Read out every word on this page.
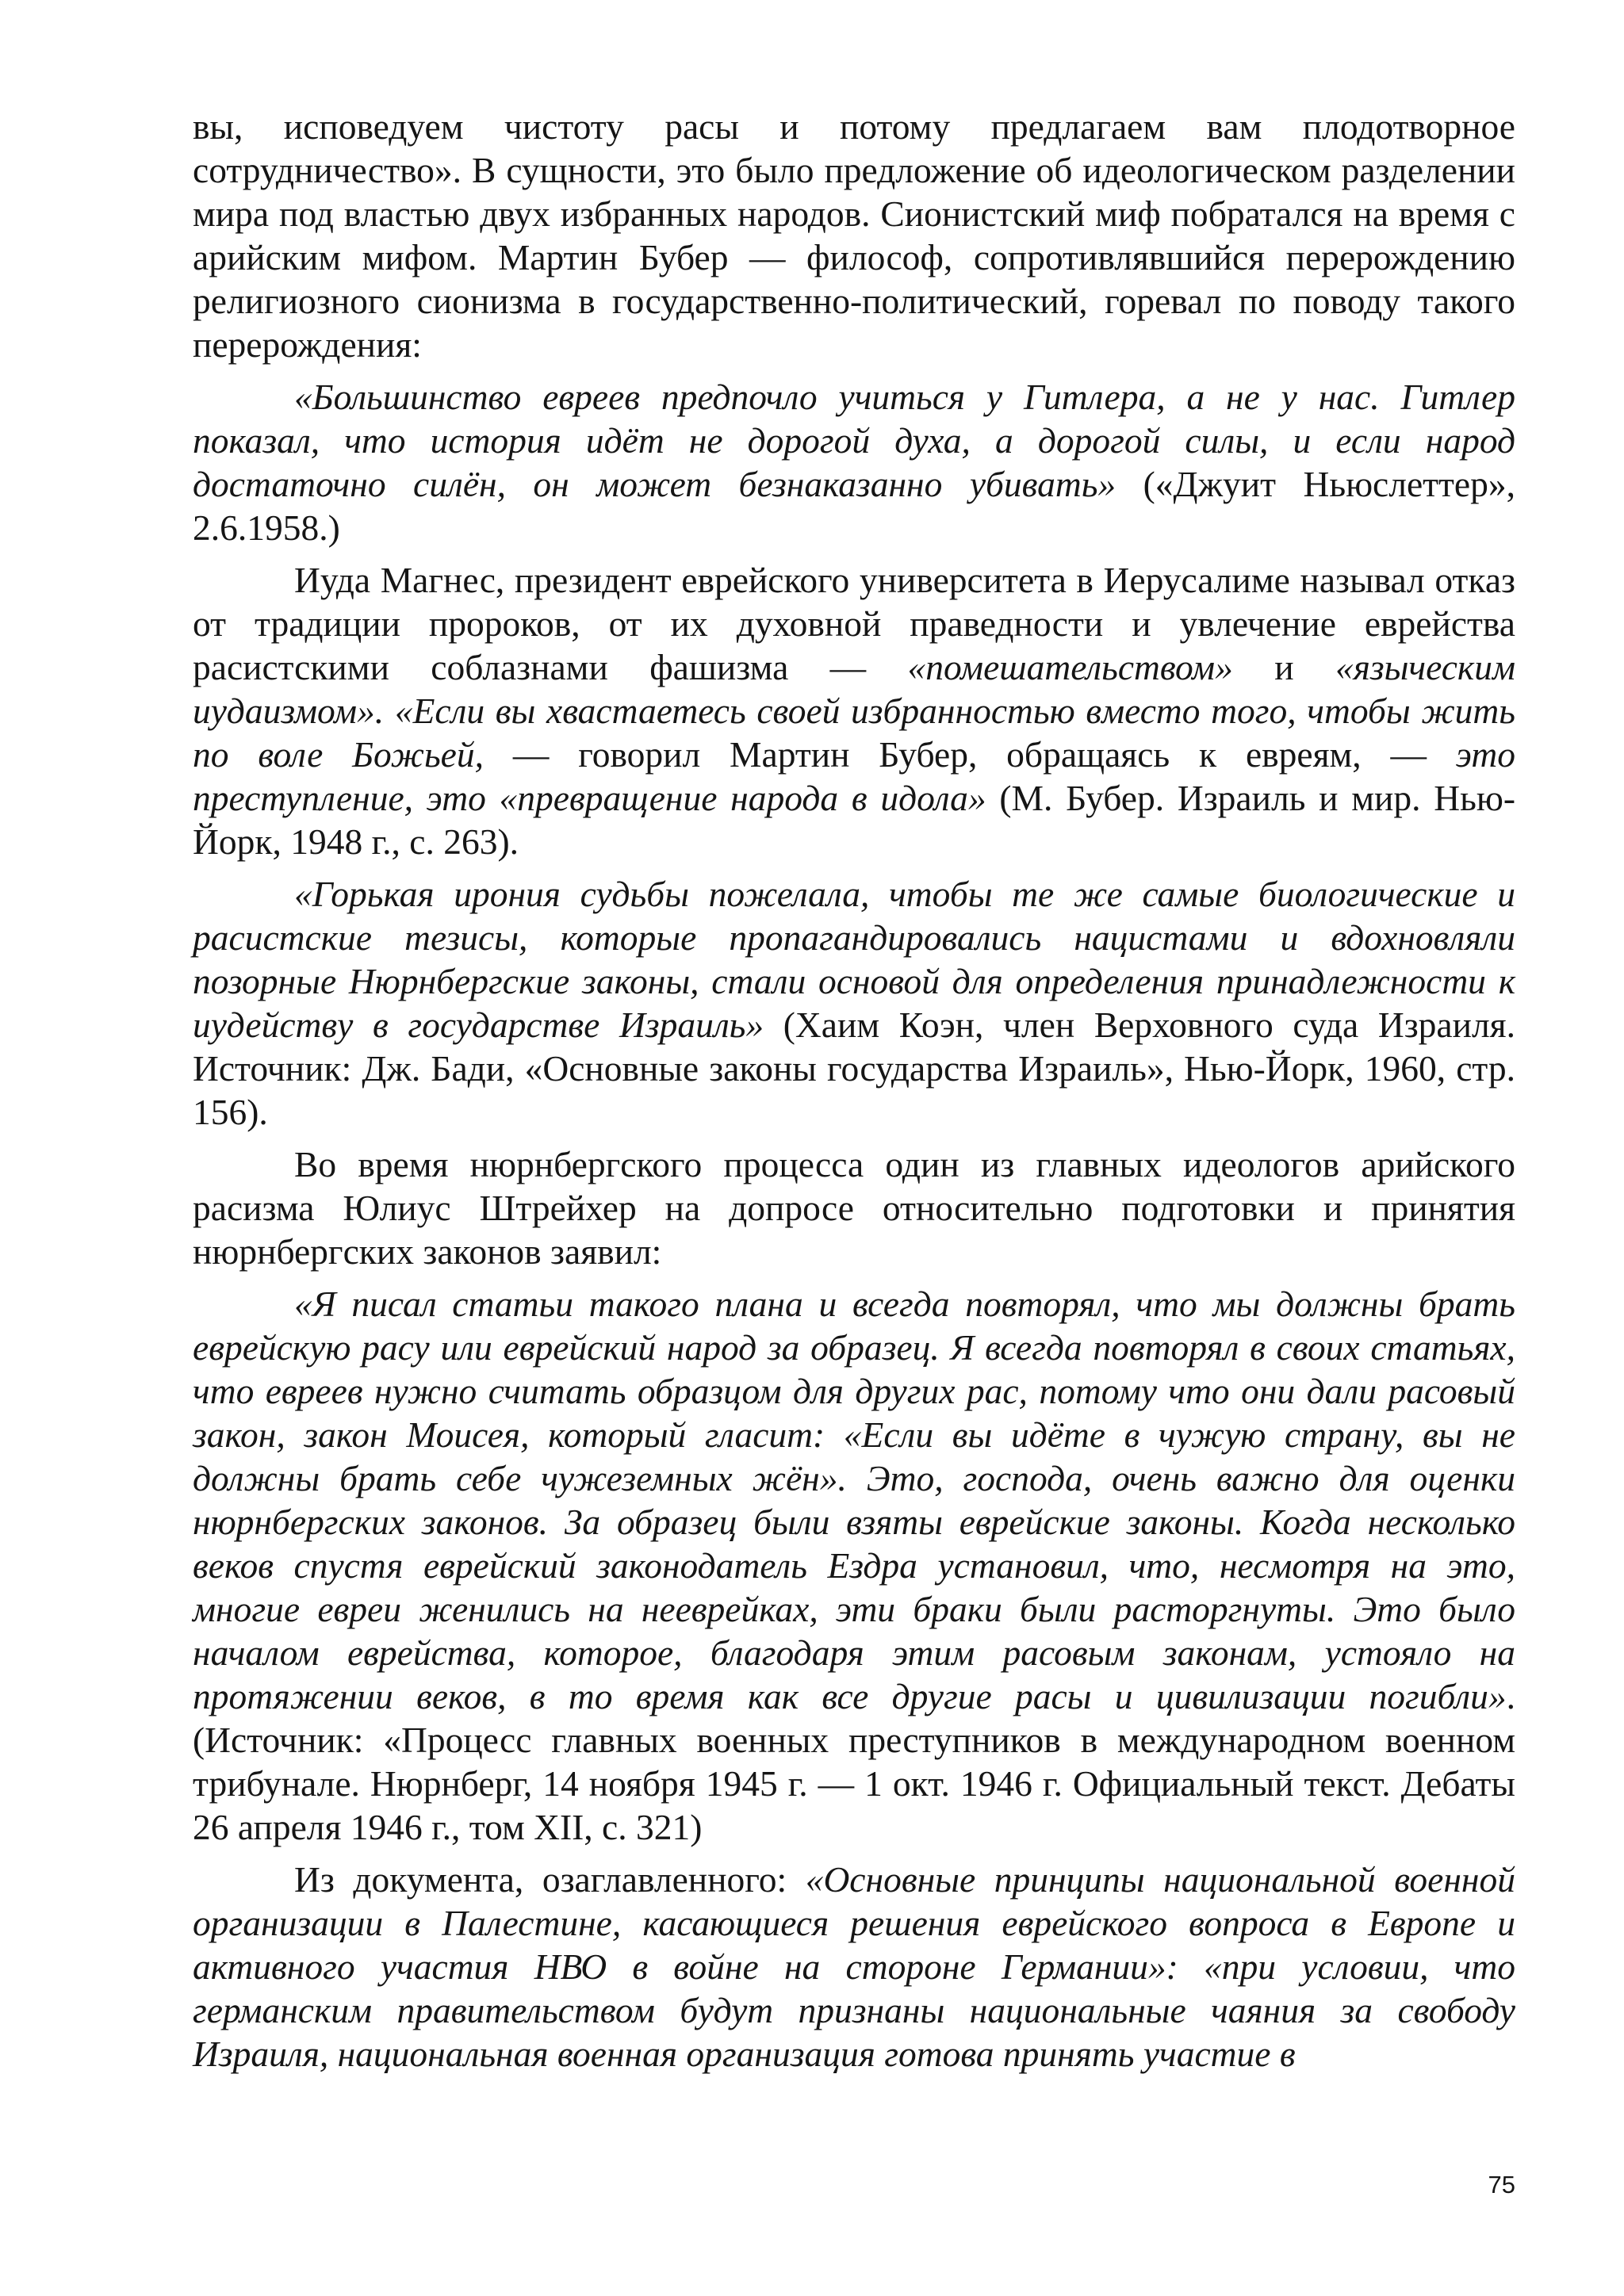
вы, исповедуем чистоту расы и потому предлагаем вам плодотворное сотрудничество». В сущности, это было предложение об идеологическом разделении мира под властью двух избранных народов. Сионистский миф побратался на время с арийским мифом. Мартин Бубер — философ, сопротивлявшийся перерождению религиозного сионизма в государственно-политический, горевал по поводу такого перерождения:

«Большинство евреев предпочло учиться у Гитлера, а не у нас. Гитлер показал, что история идёт не дорогой духа, а дорогой силы, и если народ достаточно силён, он может безнаказанно убивать» («Джуит Ньюслеттер», 2.6.1958.)

Иуда Магнес, президент еврейского университета в Иерусалиме называл отказ от традиции пророков, от их духовной праведности и увлечение еврейства расистскими соблазнами фашизма — «помешательством» и «языческим иудаизмом». «Если вы хвастаетесь своей избранностью вместо того, чтобы жить по воле Божьей, — говорил Мартин Бубер, обращаясь к евреям, — это преступление, это «превращение народа в идола» (М. Бубер. Израиль и мир. Нью-Йорк, 1948 г., с. 263).

«Горькая ирония судьбы пожелала, чтобы те же самые биологические и расистские тезисы, которые пропагандировались нацистами и вдохновляли позорные Нюрнбергские законы, стали основой для определения принадлежности к иудейству в государстве Израиль» (Хаим Коэн, член Верховного суда Израиля. Источник: Дж. Бади, «Основные законы государства Израиль», Нью-Йорк, 1960, стр. 156).

Во время нюрнбергского процесса один из главных идеологов арийского расизма Юлиус Штрейхер на допросе относительно подготовки и принятия нюрнбергских законов заявил:

«Я писал статьи такого плана и всегда повторял, что мы должны брать еврейскую расу или еврейский народ за образец. Я всегда повторял в своих статьях, что евреев нужно считать образцом для других рас, потому что они дали расовый закон, закон Моисея, который гласит: «Если вы идёте в чужую страну, вы не должны брать себе чужеземных жён». Это, господа, очень важно для оценки нюрнбергских законов. За образец были взяты еврейские законы. Когда несколько веков спустя еврейский законодатель Ездра установил, что, несмотря на это, многие евреи женились на нееврейках, эти браки были расторгнуты. Это было началом еврейства, которое, благодаря этим расовым законам, устояло на протяжении веков, в то время как все другие расы и цивилизации погибли». (Источник: «Процесс главных военных преступников в международном военном трибунале. Нюрнберг, 14 ноября 1945 г. — 1 окт. 1946 г. Официальный текст. Дебаты 26 апреля 1946 г., том XII, с. 321)

Из документа, озаглавленного: «Основные принципы национальной военной организации в Палестине, касающиеся решения еврейского вопроса в Европе и активного участия НВО в войне на стороне Германии»: «при условии, что германским правительством будут признаны национальные чаяния за свободу Израиля, национальная военная организация готова принять участие в

75
